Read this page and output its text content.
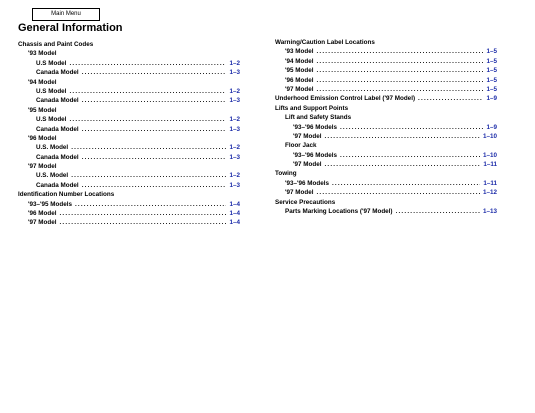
Main Menu
General Information
Chassis and Paint Codes
'93 Model
U.S Model .....	1–2
Canada Model .....	1–3
'94 Model
U.S Model .....	1–2
Canada Model .....	1–3
'95 Model
U.S Model .....	1–2
Canada Model .....	1–3
'96 Model
U.S. Model .....	1–2
Canada Model .....	1–3
'97 Model
U.S. Model .....	1–2
Canada Model .....	1–3
Identification Number Locations
'93–'95 Models .....	1–4
'96 Model .....	1–4
'97 Model .....	1–4
Warning/Caution Label Locations
'93 Model .....	1–5
'94 Model .....	1–5
'95 Model .....	1–5
'96 Model .....	1–5
'97 Model .....	1–5
Underhood Emission Control Label ('97 Model) .....	1–9
Lifts and Support Points
Lift and Safety Stands
'93–'96 Models .....	1–9
'97 Model .....	1–10
Floor Jack
'93–'96 Models .....	1–10
'97 Model .....	1–11
Towing
'93–'96 Models .....	1–11
'97 Model .....	1–12
Service Precautions
Parts Marking Locations ('97 Model) .....	1–13
